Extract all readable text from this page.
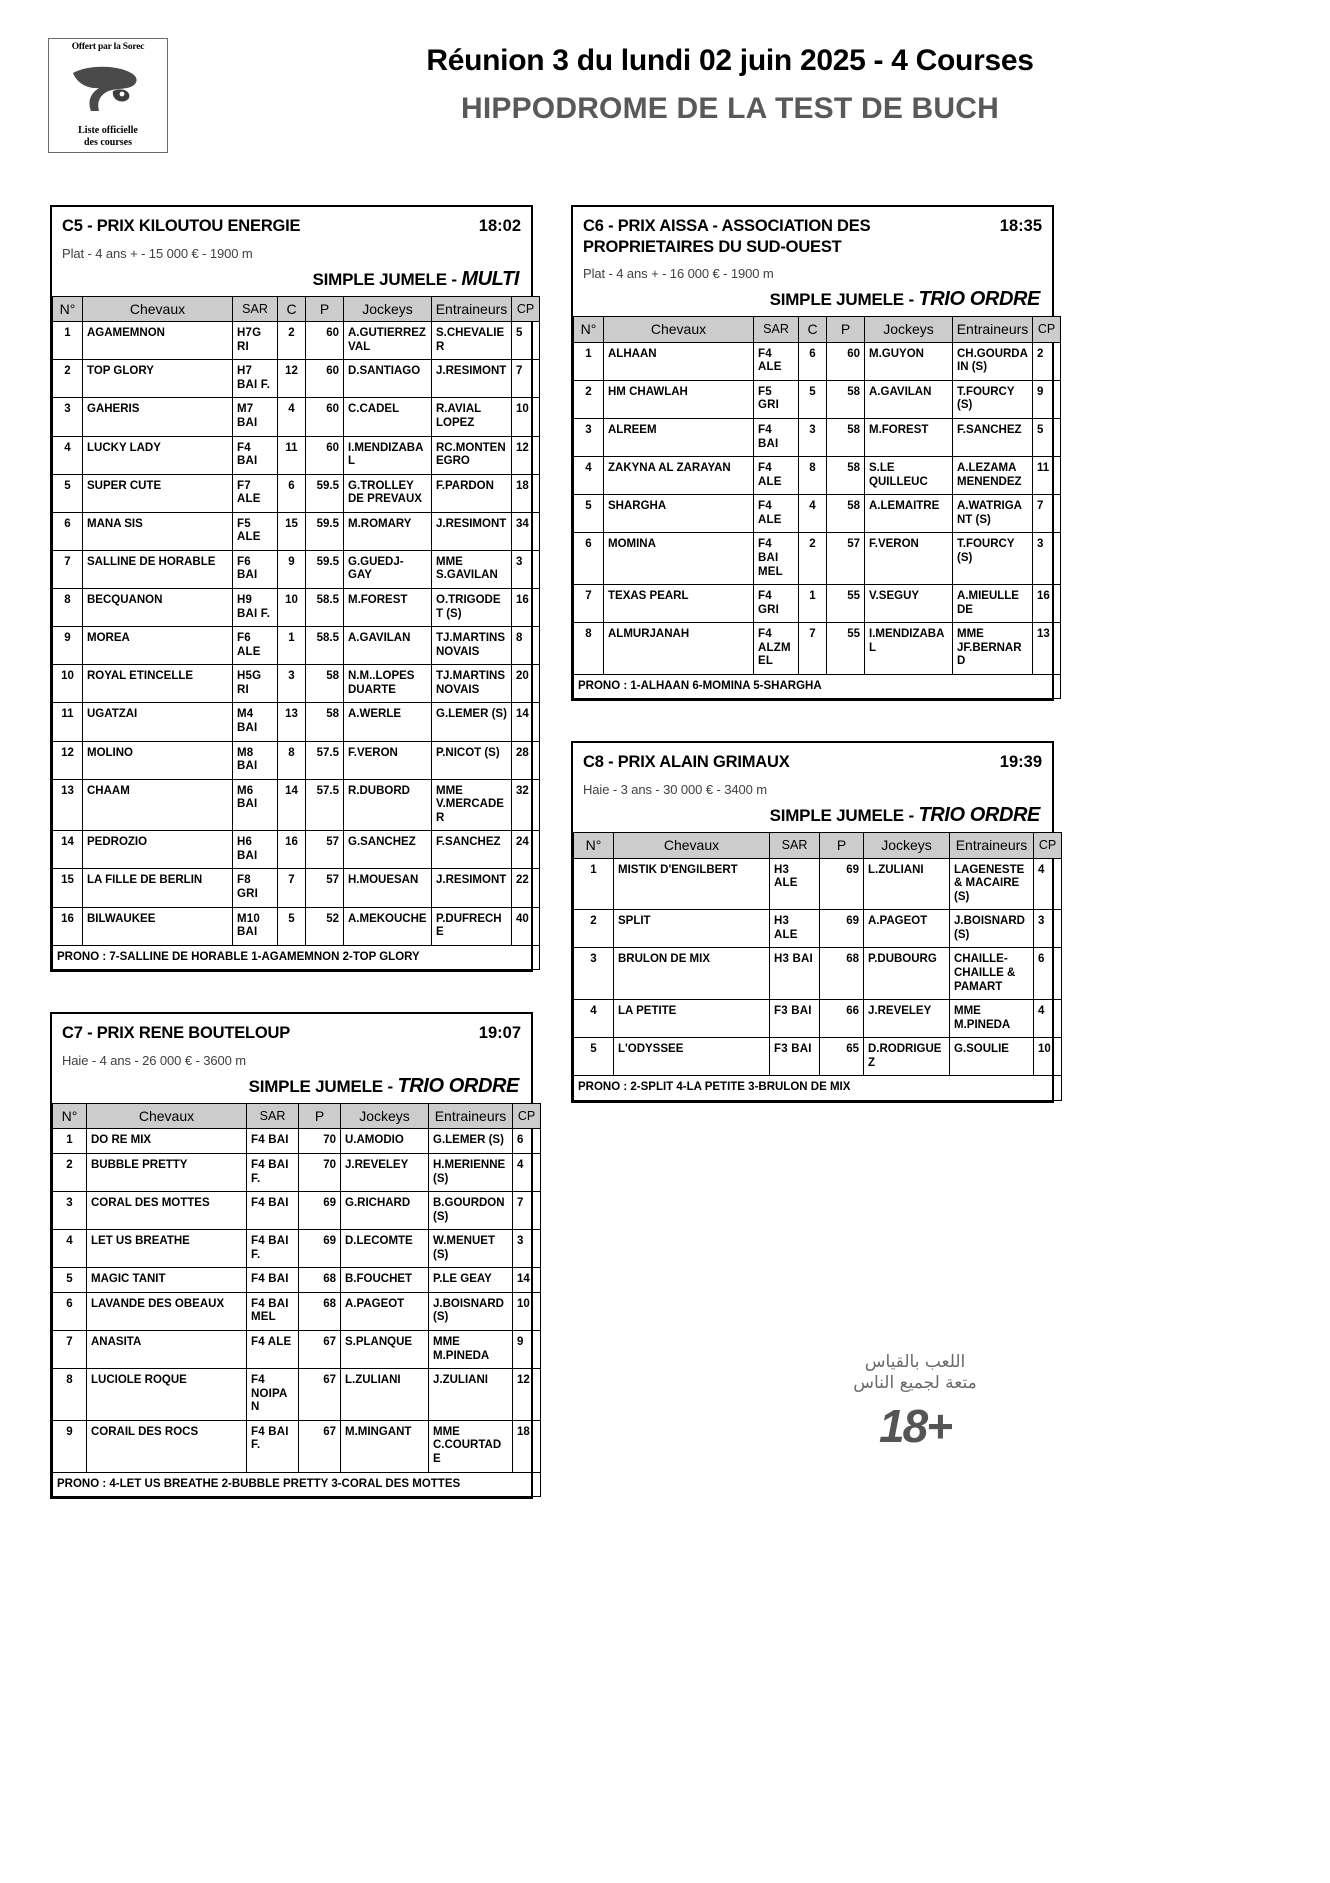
Offert par la Sorec
Liste officielle
des courses
Réunion 3 du lundi 02 juin 2025 - 4 Courses
HIPPODROME DE LA TEST DE BUCH
C5 - PRIX KILOUTOU ENERGIE	18:02
Plat - 4 ans + - 15 000 € - 1900 m
SIMPLE JUMELE - MULTI
N°	Chevaux	SAR	C	P	Jockeys	Entraineurs	CP
1	AGAMEMNON	H7G RI	2	60	A.GUTIERREZ VAL	S.CHEVALIER	5
2	TOP GLORY	H7 BAI F.	12	60	D.SANTIAGO	J.RESIMONT	7
3	GAHERIS	M7 BAI	4	60	C.CADEL	R.AVIAL LOPEZ	10
4	LUCKY LADY	F4 BAI	11	60	I.MENDIZABAL	RC.MONTENEGRO	12
5	SUPER CUTE	F7 ALE	6	59.5	G.TROLLEY DE PREVAUX	F.PARDON	18
6	MANA SIS	F5 ALE	15	59.5	M.ROMARY	J.RESIMONT	34
7	SALLINE DE HORABLE	F6 BAI	9	59.5	G.GUEDJ-GAY	MME S.GAVILAN	3
8	BECQUANON	H9 BAI F.	10	58.5	M.FOREST	O.TRIGODET (S)	16
9	MOREA	F6 ALE	1	58.5	A.GAVILAN	TJ.MARTINS NOVAIS	8
10	ROYAL ETINCELLE	H5G RI	3	58	N.M..LOPES DUARTE	TJ.MARTINS NOVAIS	20
11	UGATZAI	M4 BAI	13	58	A.WERLE	G.LEMER (S)	14
12	MOLINO	M8 BAI	8	57.5	F.VERON	P.NICOT (S)	28
13	CHAAM	M6 BAI	14	57.5	R.DUBORD	MME V.MERCADER	32
14	PEDROZIO	H6 BAI	16	57	G.SANCHEZ	F.SANCHEZ	24
15	LA FILLE DE BERLIN	F8 GRI	7	57	H.MOUESAN	J.RESIMONT	22
16	BILWAUKEE	M10 BAI	5	52	A.MEKOUCHE	P.DUFRECHE	40
PRONO : 7-SALLINE DE HORABLE 1-AGAMEMNON 2-TOP GLORY							
C7 - PRIX RENE BOUTELOUP	19:07
Haie - 4 ans - 26 000 € - 3600 m
SIMPLE JUMELE - TRIO ORDRE
N°	Chevaux	SAR	P	Jockeys	Entraineurs	CP
1	DO RE MIX	F4 BAI	70	U.AMODIO	G.LEMER (S)	6
2	BUBBLE PRETTY	F4 BAI F.	70	J.REVELEY	H.MERIENNE (S)	4
3	CORAL DES MOTTES	F4 BAI	69	G.RICHARD	B.GOURDON (S)	7
4	LET US BREATHE	F4 BAI F.	69	D.LECOMTE	W.MENUET (S)	3
5	MAGIC TANIT	F4 BAI	68	B.FOUCHET	P.LE GEAY	14
6	LAVANDE DES OBEAUX	F4 BAI MEL	68	A.PAGEOT	J.BOISNARD (S)	10
7	ANASITA	F4 ALE	67	S.PLANQUE	MME M.PINEDA	9
8	LUCIOLE ROQUE	F4 NOIPAN	67	L.ZULIANI	J.ZULIANI	12
9	CORAIL DES ROCS	F4 BAI F.	67	M.MINGANT	MME C.COURTADE	18
PRONO : 4-LET US BREATHE 2-BUBBLE PRETTY 3-CORAL DES MOTTES						
C6 - PRIX AISSA - ASSOCIATION DES PROPRIETAIRES DU SUD-OUEST
18:35
Plat - 4 ans + - 16 000 € - 1900 m
SIMPLE JUMELE - TRIO ORDRE
N°	Chevaux	SAR	C	P	Jockeys	Entraineurs	CP
1	ALHAAN	F4 ALE	6	60	M.GUYON	CH.GOURDAIN (S)	2
2	HM CHAWLAH	F5 GRI	5	58	A.GAVILAN	T.FOURCY (S)	9
3	ALREEM	F4 BAI	3	58	M.FOREST	F.SANCHEZ	5
4	ZAKYNA AL ZARAYAN	F4 ALE	8	58	S.LE QUILLEUC	A.LEZAMA MENENDEZ	11
5	SHARGHA	F4 ALE	4	58	A.LEMAITRE	A.WATRIGANT (S)	7
6	MOMINA	F4 BAI MEL	2	57	F.VERON	T.FOURCY (S)	3
7	TEXAS PEARL	F4 GRI	1	55	V.SEGUY	A.MIEULLE DE	16
8	ALMURJANAH	F4 ALZM EL	7	55	I.MENDIZABAL	MME JF.BERNARD	13
PRONO : 1-ALHAAN 6-MOMINA 5-SHARGHA							
C8 - PRIX ALAIN GRIMAUX	19:39
Haie - 3 ans - 30 000 € - 3400 m
SIMPLE JUMELE - TRIO ORDRE
N°	Chevaux	SAR	P	Jockeys	Entraineurs	CP
1	MISTIK D'ENGILBERT	H3 ALE	69	L.ZULIANI	LAGENESTE & MACAIRE (S)	4
2	SPLIT	H3 ALE	69	A.PAGEOT	J.BOISNARD (S)	3
3	BRULON DE MIX	H3 BAI	68	P.DUBOURG	CHAILLE-CHAILLE & PAMART	6
4	LA PETITE	F3 BAI	66	J.REVELEY	MME M.PINEDA	4
5	L'ODYSSEE	F3 BAI	65	D.RODRIGUEZ	G.SOULIE	10
PRONO : 2-SPLIT 4-LA PETITE 3-BRULON DE MIX						
اللعب بالقياس
متعة لجميع الناس
18+
